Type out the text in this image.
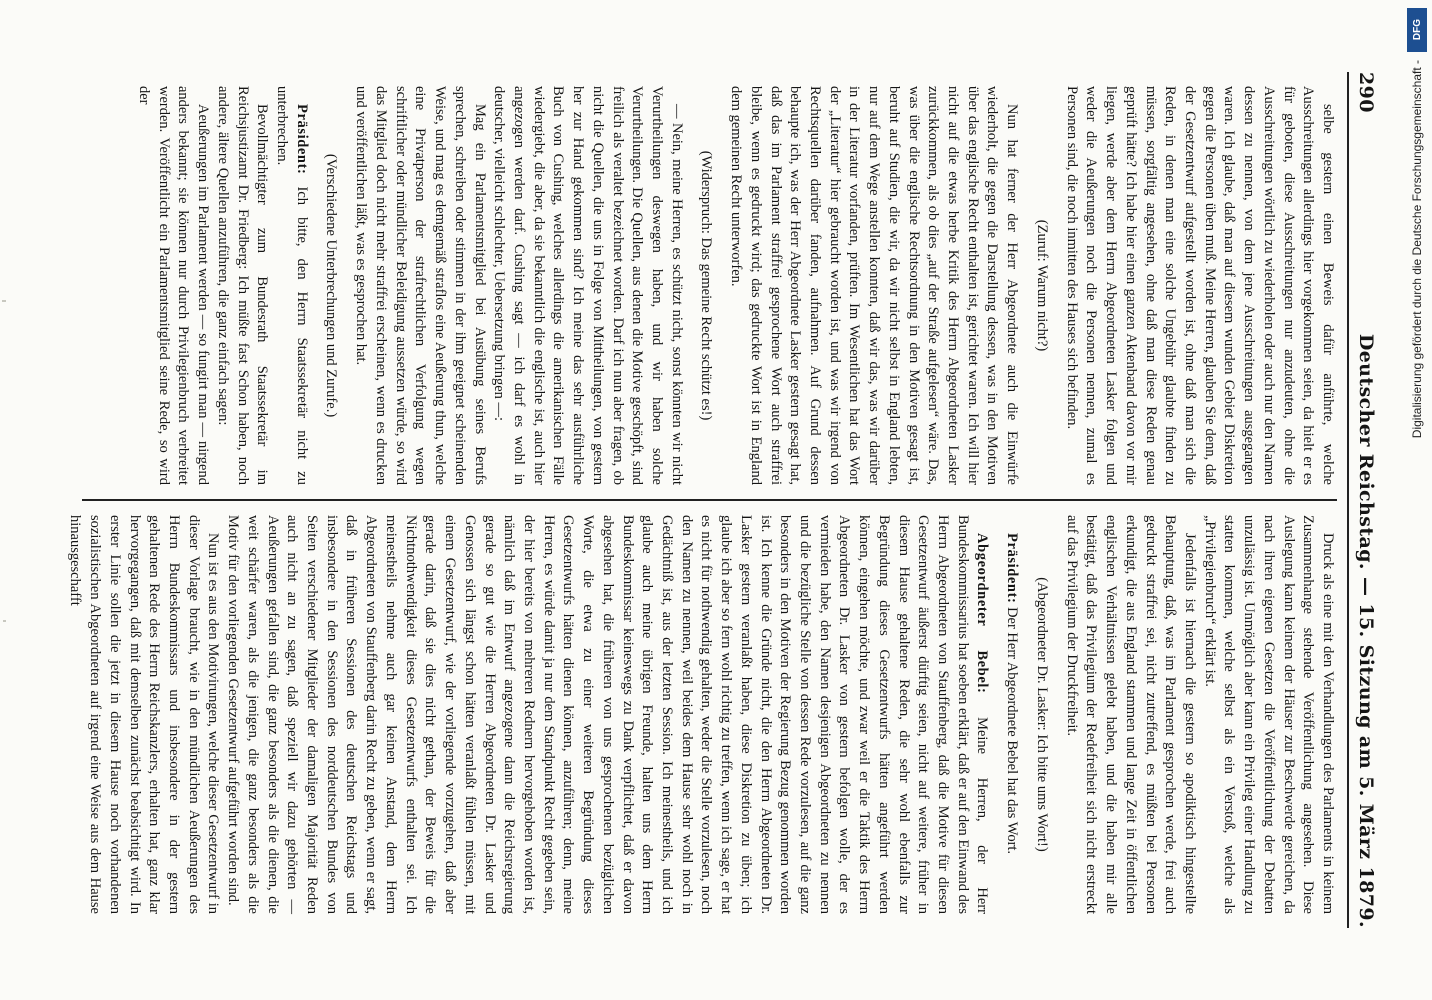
290
Deutscher Reichstag. — 15. Sitzung am 5. März 1879.

selbe gestern einen Beweis dafür anführte, welche Ausschreitungen allerdings hier vorgekommen seien, da hielt er es für geboten, diese Ausschreitungen nur anzudeuten, ohne die Ausschreitungen wörtlich zu wiederholen oder auch nur den Namen dessen zu nennen, von dem jene Ausschreitungen ausgegangen waren. Ich glaube, daß man auf diesem wunden Gebiet Diskretion gegen die Personen üben muß. Meine Herren, glauben Sie denn, daß der Gesetzentwurf aufgestellt worden ist, ohne daß man sich die Reden, in denen man eine solche Ungebühr glaubte finden zu müssen, sorgfältig angesehen, ohne daß man diese Reden genau geprüft hätte? Ich habe hier einen ganzen Aktenband davon vor mir liegen, werde aber dem Herrn Abgeordneten Lasker folgen und weder die Aeußerungen noch die Personen nennen, zumal es Personen sind, die noch inmitten des Hauses sich befinden.

(Zuruf: Warum nicht?)

Nun hat ferner der Herr Abgeordnete auch die Einwürfe wiederholt, die gegen die Darstellung dessen, was in den Motiven über das englische Recht enthalten ist, gerichtet waren. Ich will hier nicht auf die etwas herbe Kritik des Herrn Abgeordneten Lasker zurückkommen, als ob dies „auf der Straße aufgelesen“ wäre. Das, was über die englische Rechtsordnung in den Motiven gesagt ist, beruht auf Studien, die wir, da wir nicht selbst in England lebten, nur auf dem Wege anstellen konnten, daß wir das, was wir darüber in der Literatur vorfanden, prüften. Im Wesentlichen hat das Wort der „Literatur“ hier gebraucht worden ist, und was wir irgend von Rechtsquellen darüber fanden, aufnahmen. Auf Grund dessen behaupte ich, was der Herr Abgeordnete Lasker gestern gesagt hat, daß das im Parlament straffrei gesprochene Wort auch straffrei bleibe, wenn es gedruckt wird; das gedruckte Wort ist in England dem gemeinen Recht unterworfen.

(Widerspruch: Das gemeine Recht schützt es!)

— Nein, meine Herren, es schützt nicht, sonst könnten wir nicht Verurtheilungen deswegen haben, und wir haben solche Verurtheilungen. Die Quellen, aus denen die Motive geschöpft, sind freilich als veraltet bezeichnet worden. Darf ich nun aber fragen, ob nicht die Quellen, die uns in Folge von Mittheilungen, von gestern her zur Hand gekommen sind? Ich meine das sehr ausführliche Buch von Cushing, welches allerdings die amerikanischen Fälle wiedergiebt, die aber, da sie bekanntlich die englische ist, auch hier angezogen werden darf. Cushing sagt — ich darf es wohl in deutscher, vielleicht schlechter, Uebersetzung bringen —:

Mag ein Parlamentsmitglied bei Ausübung seines Berufs sprechen, schreiben oder stimmen in der ihm geeignet scheinenden Weise, und mag es demgemäß straflos eine Aeußerung thun, welche eine Privatperson der strafrechtlichen Verfolgung wegen schriftlicher oder mündlicher Beleidigung aussetzen würde, so wird das Mitglied doch nicht mehr straffrei erscheinen, wenn es drucken und veröffentlichen läßt, was es gesprochen hat.

(Verschiedene Unterbrechungen und Zurufe.)

Präsident: Ich bitte, den Herrn Staatssekretär nicht zu unterbrechen.

Bevollmächtigter zum Bundesrath Staatssekretär im Reichsjustizamt Dr. Friedberg: Ich müßte fast Schon haben, noch andere, ältere Quellen anzuführen, die ganz einfach sagen:

Aeußerungen im Parlament werden — so fungirt man — nirgend anders bekannt; sie können nur durch Privilegienbruch verbreitet werden. Veröffentlicht ein Parlamentsmitglied seine Rede, so wird der

Druck als eine mit den Verhandlungen des Parlaments in keinem Zusammenhange stehende Veröffentlichung angesehen. Diese Auslegung kann keinem der Häuser zur Beschwerde gereichen, da nach ihren eigenen Gesetzen die Veröffentlichung der Debatten unzulässig ist. Unmöglich aber kann ein Privileg einer Handlung zu statten kommen, welche selbst als ein Verstoß, welche als „Privilegienbruch“ erklärt ist.

Jedenfalls ist hiernach die gestern so apodiktisch hingestellte Behauptung, daß, was im Parlament gesprochen werde, frei auch gedruckt straffrei sei, nicht zutreffend, es müßten bei Personen erkundigt, die aus England stammen und lange Zeit in öffentlichen englischen Verhältnissen gelebt haben, und die haben mir alle bestätigt, daß das Privilegium der Redefreiheit sich nicht erstreckt auf das Privilegium der Druckfreiheit.

(Abgeordneter Dr. Lasker: Ich bitte ums Wort!)

Präsident: Der Herr Abgeordnete Bebel hat das Wort.

Abgeordneter Bebel: Meine Herren, der Herr Bundeskommissarius hat soeben erklärt, daß er auf den Einwand des Herrn Abgeordneten von Stauffenberg, daß die Motive für diesen Gesetzentwurf äußerst dürftig seien, nicht auf weitere, früher in diesem Hause gehaltene Reden, die sehr wohl ebenfalls zur Begründung dieses Gesetzentwurfs hätten angeführt werden können, eingehen möchte, und zwar weil er die Taktik des Herrn Abgeordneten Dr. Lasker von gestern befolgen wolle, der es vermieden habe, den Namen desjenigen Abgeordneten zu nennen und die bezügliche Stelle von dessen Rede vorzulesen, auf die ganz besonders in den Motiven der Regierung Bezug genommen worden ist. Ich kenne die Gründe nicht, die den Herrn Abgeordneten Dr. Lasker gestern veranlaßt haben, diese Diskretion zu üben; ich glaube ich aber so fern wohl richtig zu treffen, wenn ich sage, er hat es nicht für nothwendig gehalten, weder die Stelle vorzulesen, noch den Namen zu nennen, weil beides dem Hause sehr wohl noch in Gedächtniß ist, aus der letzten Session. Ich meinestheils, und ich glaube auch meine übrigen Freunde, halten uns dem Herrn Bundeskommissar keineswegs zu Dank verpflichtet, daß er davon abgesehen hat, die früheren von uns gesprochenen bezüglichen Worte, die etwa zu einer weiteren Begründung dieses Gesetzentwurfs hätten dienen können, anzuführen; denn, meine Herren, es würde damit ja nur dem Standpunkt Recht gegeben sein, der hier bereits von mehreren Rednern hervorgehoben worden ist, nämlich daß im Entwurf angezogene dann die Reichsregierung gerade so gut wie die Herren Abgeordneten Dr. Lasker und Genossen sich längst schon hätten veranlaßt fühlen müssen, mit einem Gesetzentwurf, wie der vorliegende vorzugehen, daß aber gerade darin, daß sie dies nicht gethan, der Beweis für die Nichtnothwendigkeit dieses Gesetzentwurfs enthalten sei. Ich meinestheils nehme auch gar keinen Anstand, dem Herrn Abgeordneten von Stauffenberg darin Recht zu geben, wenn er sagt, daß in früheren Sessionen des deutschen Reichstags und insbesondere in den Sessionen des norddeutschen Bundes von Seiten verschiedener Mitglieder der damaligen Majorität Reden auch nicht an zu sagen, daß speziell wir dazu gehörten — Aeußerungen gefallen sind, die ganz besonders als die dienen, die weit schärfer waren, als die jenigen, die ganz besonders als die Motiv für den vorliegenden Gesetzentwurf aufgeführt worden sind.

Nun ist es aus den Motivirungen, welche dieser Gesetzentwurf in dieser Vorlage braucht, wie in den mündlichen Aeußerungen des Herrn Bundeskommissars und insbesondere in der gestern gehaltenen Rede des Herrn Reichskanzlers, erhalten hat, ganz klar hervorgegangen, daß mit demselben zunächst beabsichtigt wird. In erster Linie sollen die jetzt in diesem Hause noch vorhandenen sozialistischen Abgeordneten auf irgend eine Weise aus dem Hause hinausgeschafft

DFG
Digitalisierung gefördert durch die Deutsche Forschungsgemeinschaft -
